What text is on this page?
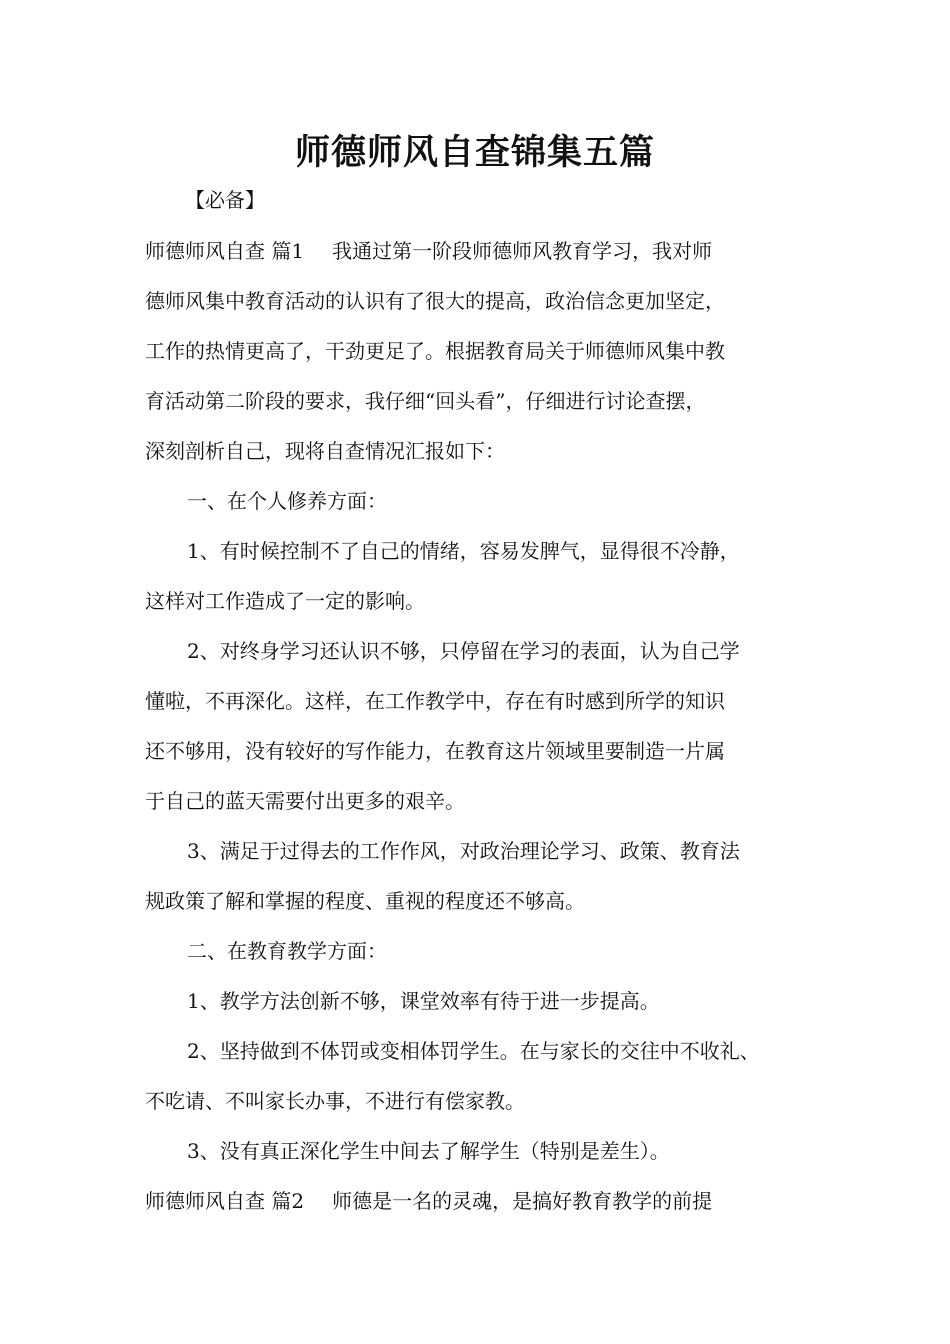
师德师风自查锦集五篇
【必备】
师德师风自查 篇1 我通过第一阶段师德师风教育学习，我对师
德师风集中教育活动的认识有了很大的提高，政治信念更加坚定，
工作的热情更高了，干劲更足了。根据教育局关于师德师风集中教
育活动第二阶段的要求，我仔细“回头看”，仔细进行讨论查摆，
深刻剖析自己，现将自查情况汇报如下：
一、在个人修养方面：
1、有时候控制不了自己的情绪，容易发脾气，显得很不冷静，
这样对工作造成了一定的影响。
2、对终身学习还认识不够，只停留在学习的表面，认为自己学
懂啦，不再深化。这样，在工作教学中，存在有时感到所学的知识
还不够用，没有较好的写作能力，在教育这片领域里要制造一片属
于自己的蓝天需要付出更多的艰辛。
3、满足于过得去的工作作风，对政治理论学习、政策、教育法
规政策了解和掌握的程度、重视的程度还不够高。
二、在教育教学方面：
1、教学方法创新不够，课堂效率有待于进一步提高。
2、坚持做到不体罚或变相体罚学生。在与家长的交往中不收礼、
不吃请、不叫家长办事，不进行有偿家教。
3、没有真正深化学生中间去了解学生（特别是差生）。
师德师风自查 篇2 师德是一名的灵魂，是搞好教育教学的前提
